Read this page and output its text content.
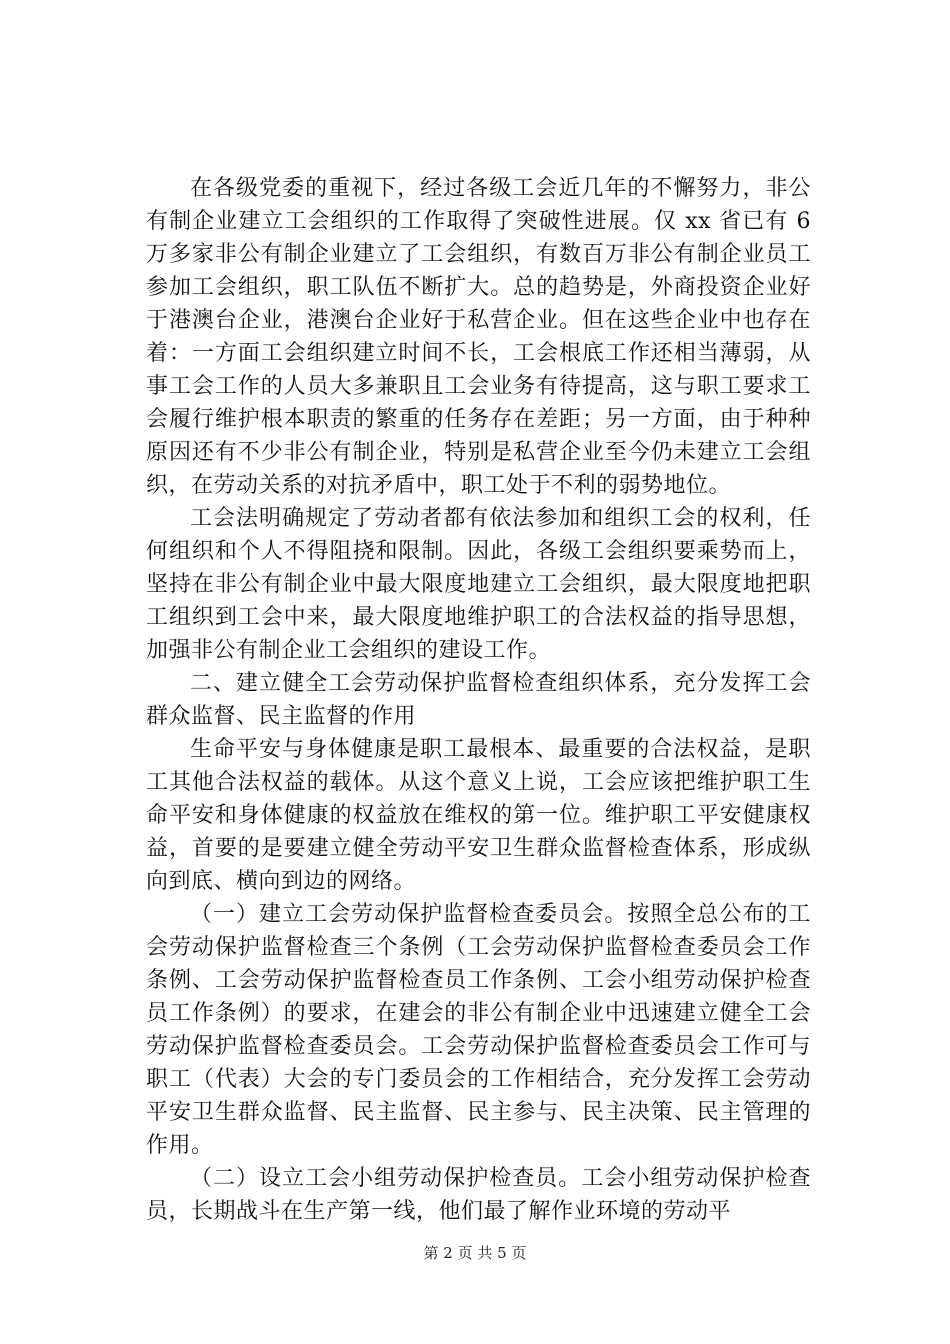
在各级党委的重视下，经过各级工会近几年的不懈努力，非公有制企业建立工会组织的工作取得了突破性进展。仅 xx 省已有 6 万多家非公有制企业建立了工会组织，有数百万非公有制企业员工参加工会组织，职工队伍不断扩大。总的趋势是，外商投资企业好于港澳台企业，港澳台企业好于私营企业。但在这些企业中也存在着：一方面工会组织建立时间不长，工会根底工作还相当薄弱，从事工会工作的人员大多兼职且工会业务有待提高，这与职工要求工会履行维护根本职责的繁重的任务存在差距；另一方面，由于种种原因还有不少非公有制企业，特别是私营企业至今仍未建立工会组织，在劳动关系的对抗矛盾中，职工处于不利的弱势地位。

工会法明确规定了劳动者都有依法参加和组织工会的权利，任何组织和个人不得阻挠和限制。因此，各级工会组织要乘势而上，坚持在非公有制企业中最大限度地建立工会组织，最大限度地把职工组织到工会中来，最大限度地维护职工的合法权益的指导思想，加强非公有制企业工会组织的建设工作。

二、建立健全工会劳动保护监督检查组织体系，充分发挥工会群众监督、民主监督的作用

生命平安与身体健康是职工最根本、最重要的合法权益，是职工其他合法权益的载体。从这个意义上说，工会应该把维护职工生命平安和身体健康的权益放在维权的第一位。维护职工平安健康权益，首要的是要建立健全劳动平安卫生群众监督检查体系，形成纵向到底、横向到边的网络。

（一）建立工会劳动保护监督检查委员会。按照全总公布的工会劳动保护监督检查三个条例（工会劳动保护监督检查委员会工作条例、工会劳动保护监督检查员工作条例、工会小组劳动保护检查员工作条例）的要求，在建会的非公有制企业中迅速建立健全工会劳动保护监督检查委员会。工会劳动保护监督检查委员会工作可与职工（代表）大会的专门委员会的工作相结合，充分发挥工会劳动平安卫生群众监督、民主监督、民主参与、民主决策、民主管理的作用。

（二）设立工会小组劳动保护检查员。工会小组劳动保护检查员，长期战斗在生产第一线，他们最了解作业环境的劳动平

第 2 页 共 5 页
